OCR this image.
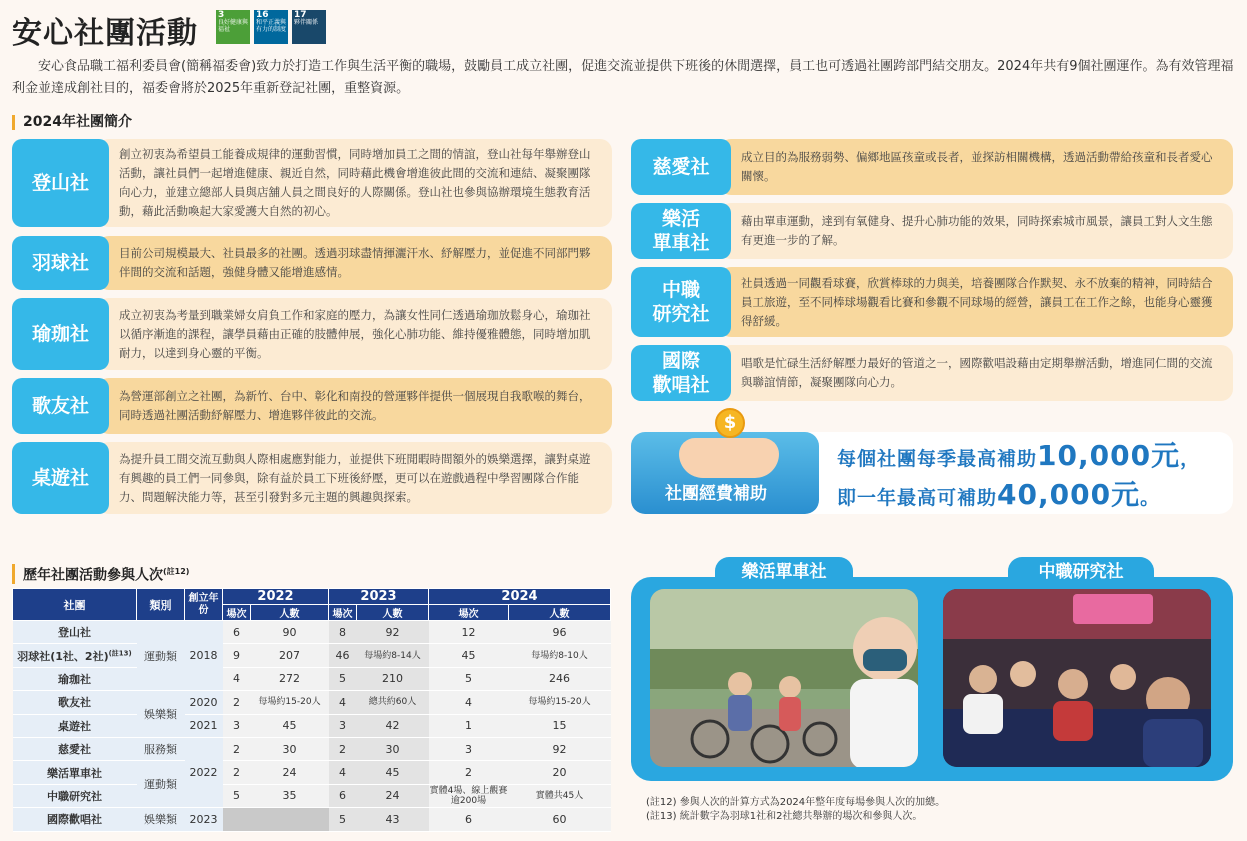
安心社團活動
3
良好健康與福祉
16
和平正義與有力的制度
17
夥伴關係
安心食品職工福利委員會(簡稱福委會)致力於打造工作與生活平衡的職場，鼓勵員工成立社團，促進交流並提供下班後的休閒選擇，員工也可透過社團跨部門結交朋友。2024年共有9個社團運作。為有效管理福利金並達成創社目的，福委會將於2025年重新登記社團，重整資源。
2024年社團簡介
登山社
創立初衷為希望員工能養成規律的運動習慣，同時增加員工之間的情誼，登山社每年舉辦登山活動，讓社員們一起增進健康、親近自然，同時藉此機會增進彼此間的交流和連結、凝聚團隊向心力，並建立總部人員與店舖人員之間良好的人際關係。登山社也參與協辦環境生態教育活動，藉此活動喚起大家愛護大自然的初心。
羽球社	目前公司規模最大、社員最多的社團。透過羽球盡情揮灑汗水、紓解壓力，並促進不同部門夥伴間的交流和話題，強健身體又能增進感情。
瑜珈社
成立初衷為考量到職業婦女肩負工作和家庭的壓力，為讓女性同仁透過瑜珈放鬆身心，瑜珈社以循序漸進的課程，讓學員藉由正確的肢體伸展，強化心肺功能、維持優雅體態，同時增加肌耐力，以達到身心靈的平衡。
歌友社	為營運部創立之社團，為新竹、台中、彰化和南投的營運夥伴提供一個展現自我歌喉的舞台，同時透過社團活動紓解壓力、增進夥伴彼此的交流。
桌遊社
為提升員工間交流互動與人際相處應對能力，並提供下班閒暇時間額外的娛樂選擇，讓對桌遊有興趣的員工們一同參與，除有益於員工下班後紓壓，更可以在遊戲過程中學習團隊合作能力、問題解決能力等，甚至引發對多元主題的興趣與探索。
慈愛社	成立目的為服務弱勢、偏鄉地區孩童或長者，並探訪相關機構，透過活動帶給孩童和長者愛心關懷。
樂活
單車社
藉由單車運動，達到有氧健身、提升心肺功能的效果，同時探索城市風景，讓員工對人文生態有更進一步的了解。
中職
研究社
社員透過一同觀看球賽，欣賞棒球的力與美，培養團隊合作默契、永不放棄的精神，同時結合員工旅遊，至不同棒球場觀看比賽和參觀不同球場的經營，讓員工在工作之餘，也能身心靈獲得舒緩。
國際
歡唱社
唱歌是忙碌生活紓解壓力最好的管道之一，國際歡唱設藉由定期舉辦活動，增進同仁間的交流與聯誼情節，凝聚團隊向心力。
$
社團經費補助
每個社團每季最高補助10,000元，
即一年最高可補助40,000元。
歷年社團活動參與人次$^{(註12)}$
社團	類別	創立年份	2022		2023		2024	
			場次	人數	場次	人數	場次	人數
登山社	運動類	2018	6	90	8	92	12	96
羽球社(1社、2社)$^{(註13)}$			9	207	46	每場約8-14人	45	每場約8-10人
瑜珈社			4	272	5	210	5	246
歌友社	娛樂類	2020	2	每場約15-20人	4	總共約60人	4	每場約15-20人
桌遊社		2021	3	45	3	42	1	15
慈愛社	服務類	2022	2	30	2	30	3	92
樂活單車社	運動類		2	24	4	45	2	20
中職研究社			5	35	6	24	實體4場、線上觀賽逾200場	實體共45人
國際歡唱社	娛樂類	2023			5	43	6	60
樂活單車社	中職研究社
(註12) 參與人次的計算方式為2024年整年度每場參與人次的加總。
(註13) 統計數字為羽球1社和2社總共舉辦的場次和參與人次。
